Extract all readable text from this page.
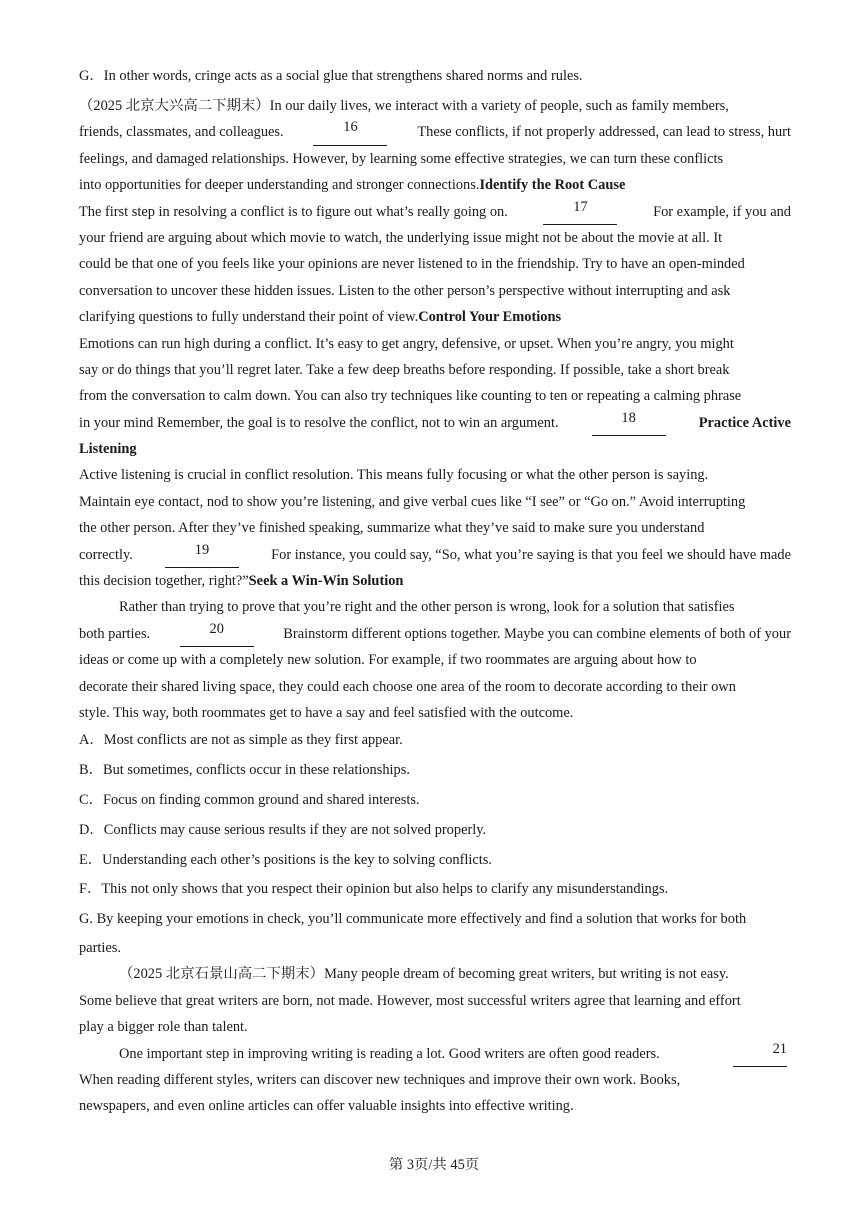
G．In other words, cringe acts as a social glue that strengthens shared norms and rules.
（2025 北京大兴高二下期末）In our daily lives, we interact with a variety of people, such as family members,
friends, classmates, and colleagues.	16	These conflicts, if not properly addressed, can lead to stress, hurt
feelings, and damaged relationships. However, by learning some effective strategies, we can turn these conflicts
into opportunities for deeper understanding and stronger connections.Identify the Root Cause
The first step in resolving a conflict is to figure out what’s really going on.	17	For example, if you and
your friend are arguing about which movie to watch, the underlying issue might not be about the movie at all. It
could be that one of you feels like your opinions are never listened to in the friendship. Try to have an open-minded
conversation to uncover these hidden issues. Listen to the other person’s perspective without interrupting and ask
clarifying questions to fully understand their point of view.Control Your Emotions
Emotions can run high during a conflict. It’s easy to get angry, defensive, or upset. When you’re angry, you might
say or do things that you’ll regret later. Take a few deep breaths before responding. If possible, take a short break
from the conversation to calm down. You can also try techniques like counting to ten or repeating a calming phrase
in your mind Remember, the goal is to resolve the conflict, not to win an argument.	18	Practice Active
Listening
Active listening is crucial in conflict resolution. This means fully focusing or what the other person is saying.
Maintain eye contact, nod to show you’re listening, and give verbal cues like “I see” or “Go on.” Avoid interrupting
the other person. After they’ve finished speaking, summarize what they’ve said to make sure you understand
correctly.	19	For instance, you could say, “So, what you’re saying is that you feel we should have made
this decision together, right?”Seek a Win-Win Solution
Rather than trying to prove that you’re right and the other person is wrong, look for a solution that satisfies
both parties.	20	Brainstorm different options together. Maybe you can combine elements of both of your
ideas or come up with a completely new solution. For example, if two roommates are arguing about how to
decorate their shared living space, they could each choose one area of the room to decorate according to their own
style. This way, both roommates get to have a say and feel satisfied with the outcome.
A．Most conflicts are not as simple as they first appear.
B．But sometimes, conflicts occur in these relationships.
C．Focus on finding common ground and shared interests.
D．Conflicts may cause serious results if they are not solved properly.
E．Understanding each other’s positions is the key to solving conflicts.
F．This not only shows that you respect their opinion but also helps to clarify any misunderstandings.
G. By keeping your emotions in check, you’ll communicate more effectively and find a solution that works for both
parties.
（2025 北京石景山高二下期末）Many people dream of becoming great writers, but writing is not easy.
Some believe that great writers are born, not made. However, most successful writers agree that learning and effort
play a bigger role than talent.
One important step in improving writing is reading a lot. Good writers are often good readers.	21
When reading different styles, writers can discover new techniques and improve their own work. Books,
newspapers, and even online articles can offer valuable insights into effective writing.
第 3页/共 45页
